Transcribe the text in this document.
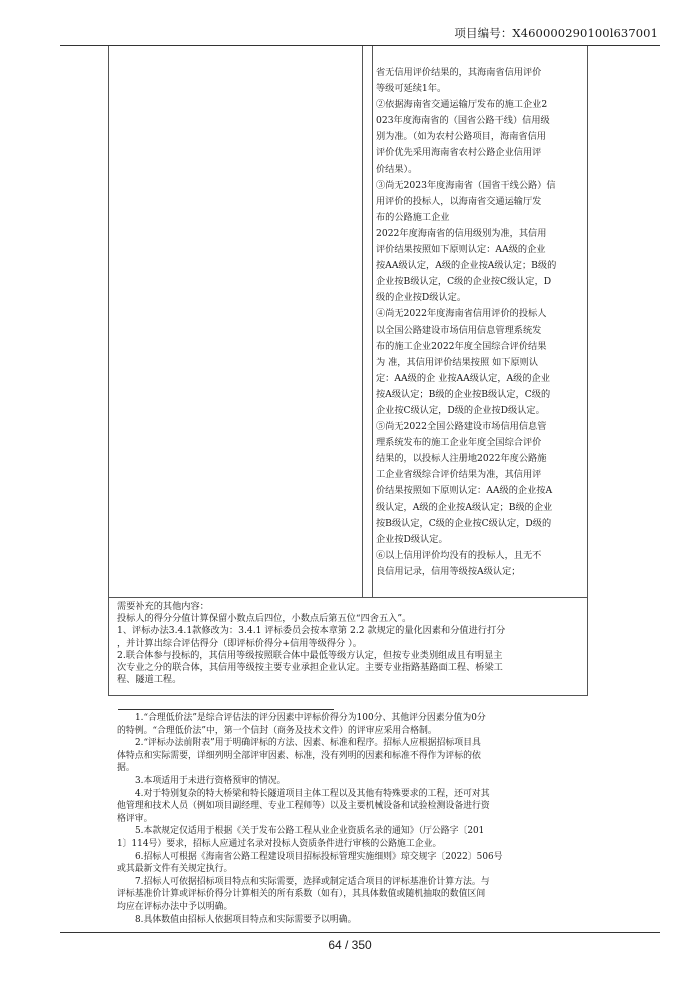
项目编号：X460000290100l637001
省无信用评价结果的，其海南省信用评价
等级可延续1年。
②依据海南省交通运输厅发布的施工企业2
023年度海南省的（国省公路干线）信用级
别为准。（如为农村公路项目，海南省信用
评价优先采用海南省农村公路企业信用评
价结果）。
③尚无2023年度海南省（国省干线公路）信
用评价的投标人，以海南省交通运输厅发
布的公路施工企业
2022年度海南省的信用级别为准，其信用
评价结果按照如下原则认定：AA级的企业
按AA级认定，A级的企业按A级认定；B级的
企业按B级认定，C级的企业按C级认定，D
级的企业按D级认定。
④尚无2022年度海南省信用评价的投标人
以全国公路建设市场信用信息管理系统发
布的施工企业2022年度全国综合评价结果
为 准，其信用评价结果按照 如下原则认
定：AA级的企 业按AA级认定，A级的企业
按A级认定；B级的企业按B级认定，C级的
企业按C级认定，D级的企业按D级认定。
⑤尚无2022全国公路建设市场信用信息管
理系统发布的施工企业年度全国综合评价
结果的，以投标人注册地2022年度公路施
工企业省级综合评价结果为准，其信用评
价结果按照如下原则认定：AA级的企业按A
级认定，A级的企业按A级认定；B级的企业
按B级认定，C级的企业按C级认定，D级的
企业按D级认定。
⑥以上信用评价均没有的投标人，且无不
良信用记录，信用等级按A级认定；
需要补充的其他内容：
投标人的得分分值计算保留小数点后四位，小数点后第五位“四舍五入”。
1、评标办法3.4.1款修改为：3.4.1 评标委员会按本章第 2.2 款规定的量化因素和分值进行打分
，并计算出综合评估得分（即评标价得分+信用等级得分 ）。
2.联合体参与投标的，其信用等级按照联合体中最低等级方认定，但按专业类别组成且有明显主
次专业之分的联合体，其信用等级按主要专业承担企业认定。主要专业指路基路面工程、桥梁工
程、隧道工程。
1.“合理低价法”是综合评估法的评分因素中评标价得分为100分、其他评分因素分值为0分
的特例。“合理低价法”中，第一个信封（商务及技术文件）的评审应采用合格制。
2.“评标办法前附表”用于明确评标的方法、因素、标准和程序。招标人应根据招标项目具
体特点和实际需要，详细列明全部评审因素、标准，没有列明的因素和标准不得作为评标的依
据。
3.本项适用于未进行资格预审的情况。
4.对于特别复杂的特大桥梁和特长隧道项目主体工程以及其他有特殊要求的工程，还可对其
他管理和技术人员（例如项目副经理、专业工程师等）以及主要机械设备和试验检测设备进行资
格评审。
5.本款规定仅适用于根据《关于发布公路工程从业企业资质名录的通知》（厅公路字〔201
1〕114号）要求，招标人应通过名录对投标人资质条件进行审核的公路施工企业。
6.招标人可根据《海南省公路工程建设项目招标投标管理实施细则》琼交规字〔2022〕506号
或其最新文件有关规定执行。
7.招标人可依据招标项目特点和实际需要，选择或制定适合项目的评标基准价计算方法。与
评标基准价计算或评标价得分计算相关的所有系数（如有），其具体数值或随机抽取的数值区间
均应在评标办法中予以明确。
8.具体数值由招标人依据项目特点和实际需要予以明确。
64 / 350
